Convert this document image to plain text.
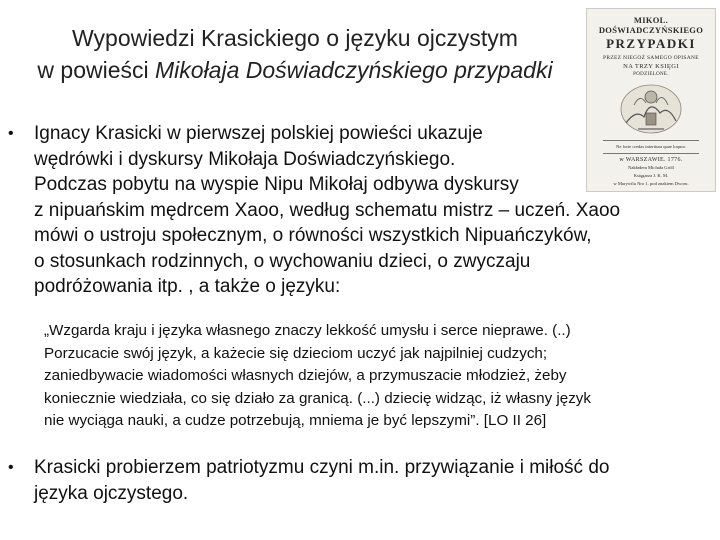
Wypowiedzi Krasickiego o języku ojczystym
w powieści Mikołaja Doświadczyńskiego przypadki
MIKOL. DOŚWIADCZYŃSKIEGO
PRZYPADKI
PRZEZ NIEGOŻ SAMEGO OPISANE
NA TRZY KSIĘGI
PODZIELONE.
Ne forte credas interitura quae loquor.
w WARSZAWIE. 1776.
Nakładem Michała Gröll
Księgarza J. K. M.
w Marywilu Nro 1. pod znakiem Dworu.
• Ignacy Krasicki w pierwszej polskiej powieści ukazuje
wędrówki i dyskursy Mikołaja Doświadczyńskiego.
Podczas pobytu na wyspie Nipu Mikołaj odbywa dyskursy
z nipuańskim mędrcem Xaoo, według schematu mistrz – uczeń. Xaoo
mówi o ustroju społecznym, o równości wszystkich Nipuańczyków,
o stosunkach rodzinnych, o wychowaniu dzieci, o zwyczaju
podróżowania itp. , a także o języku:
„Wzgarda kraju i języka własnego znaczy lekkość umysłu i serce nieprawe. (..)
Porzucacie swój język, a każecie się dzieciom uczyć jak najpilniej cudzych;
zaniedbywacie wiadomości własnych dziejów, a przymuszacie młodzież, żeby
koniecznie wiedziała, co się działo za granicą. (...) dziecię widząc, iż własny język
nie wyciąga nauki, a cudze potrzebują, mniema je być lepszymi”. [LO II 26]
• Krasicki probierzem patriotyzmu czyni m.in. przywiązanie i miłość do
języka ojczystego.
